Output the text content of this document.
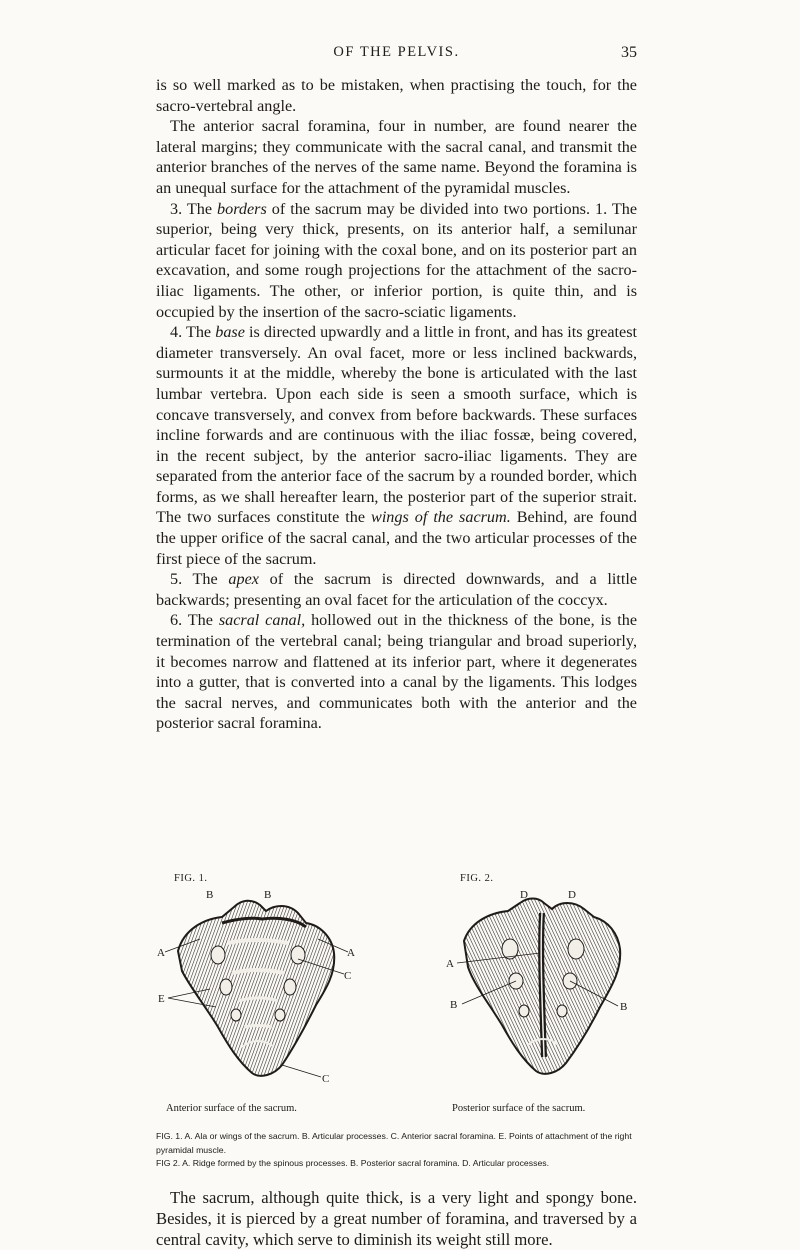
OF THE PELVIS.	35

is so well marked as to be mistaken, when practising the touch, for the sacro-vertebral angle.

The anterior sacral foramina, four in number, are found nearer the lateral margins; they communicate with the sacral canal, and transmit the anterior branches of the nerves of the same name. Beyond the foramina is an unequal surface for the attachment of the pyramidal muscles.

3. The borders of the sacrum may be divided into two portions. 1. The superior, being very thick, presents, on its anterior half, a semilunar articular facet for joining with the coxal bone, and on its posterior part an excavation, and some rough projections for the attachment of the sacro-iliac ligaments. The other, or inferior portion, is quite thin, and is occupied by the insertion of the sacro-sciatic ligaments.

4. The base is directed upwardly and a little in front, and has its greatest diameter transversely. An oval facet, more or less inclined backwards, surmounts it at the middle, whereby the bone is articulated with the last lumbar vertebra. Upon each side is seen a smooth surface, which is concave transversely, and convex from before backwards. These surfaces incline forwards and are continuous with the iliac fossæ, being covered, in the recent subject, by the anterior sacro-iliac ligaments. They are separated from the anterior face of the sacrum by a rounded border, which forms, as we shall hereafter learn, the posterior part of the superior strait. The two surfaces constitute the wings of the sacrum. Behind, are found the upper orifice of the sacral canal, and the two articular processes of the first piece of the sacrum.

5. The apex of the sacrum is directed downwards, and a little backwards; presenting an oval facet for the articulation of the coccyx.

6. The sacral canal, hollowed out in the thickness of the bone, is the termination of the vertebral canal; being triangular and broad superiorly, it becomes narrow and flattened at its inferior part, where it degenerates into a gutter, that is converted into a canal by the ligaments. This lodges the sacral nerves, and communicates both with the anterior and the posterior sacral foramina.

FIG. 1.	FIG. 2.
B	B
A	A
C
E
C
D	D
A
B	B
Anterior surface of the sacrum.	Posterior surface of the sacrum.

FIG. 1. A. Ala or wings of the sacrum. B. Articular processes. C. Anterior sacral foramina. E. Points of attachment of the right pyramidal muscle.

FIG 2. A. Ridge formed by the spinous processes. B. Posterior sacral foramina. D. Articular processes.

The sacrum, although quite thick, is a very light and spongy bone. Besides, it is pierced by a great number of foramina, and traversed by a central cavity, which serve to diminish its weight still more.
